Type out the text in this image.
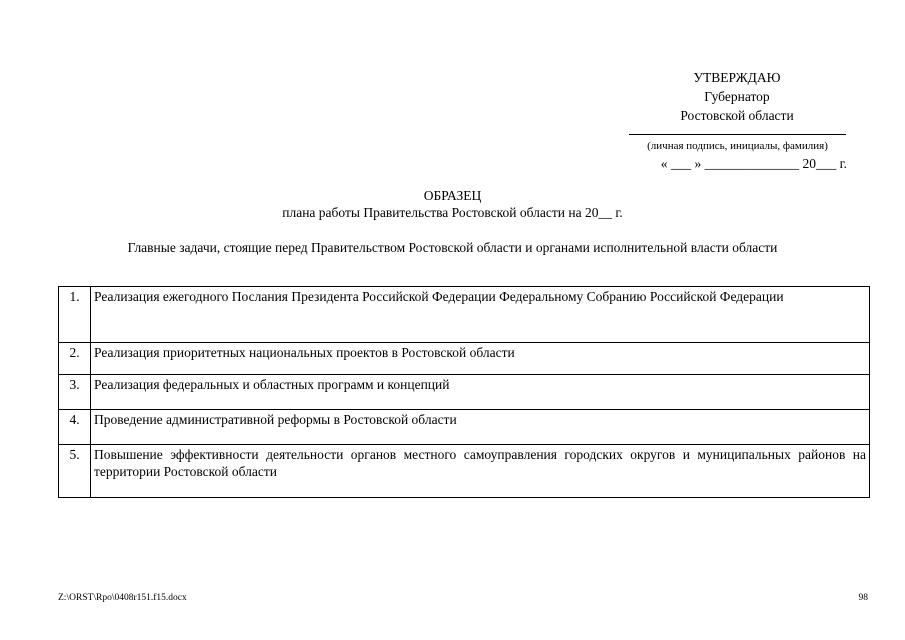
УТВЕРЖДАЮ
Губернатор
Ростовской области
(личная подпись, инициалы, фамилия)
« ___ » ______________ 20___ г.
ОБРАЗЕЦ
плана работы Правительства Ростовской области на 20__ г.
Главные задачи, стоящие перед Правительством Ростовской области и органами исполнительной власти области
1.	Реализация ежегодного Послания Президента Российской Федерации Федеральному Собранию Российской Федерации
2.	Реализация приоритетных национальных проектов в Ростовской области
3.	Реализация федеральных и областных программ и концепций
4.	Проведение административной реформы в Ростовской области
5.	Повышение эффективности деятельности органов местного самоуправления городских округов и муниципальных районов на территории Ростовской области
Z:\ORST\Rpo\0408r151.f15.docx	98
